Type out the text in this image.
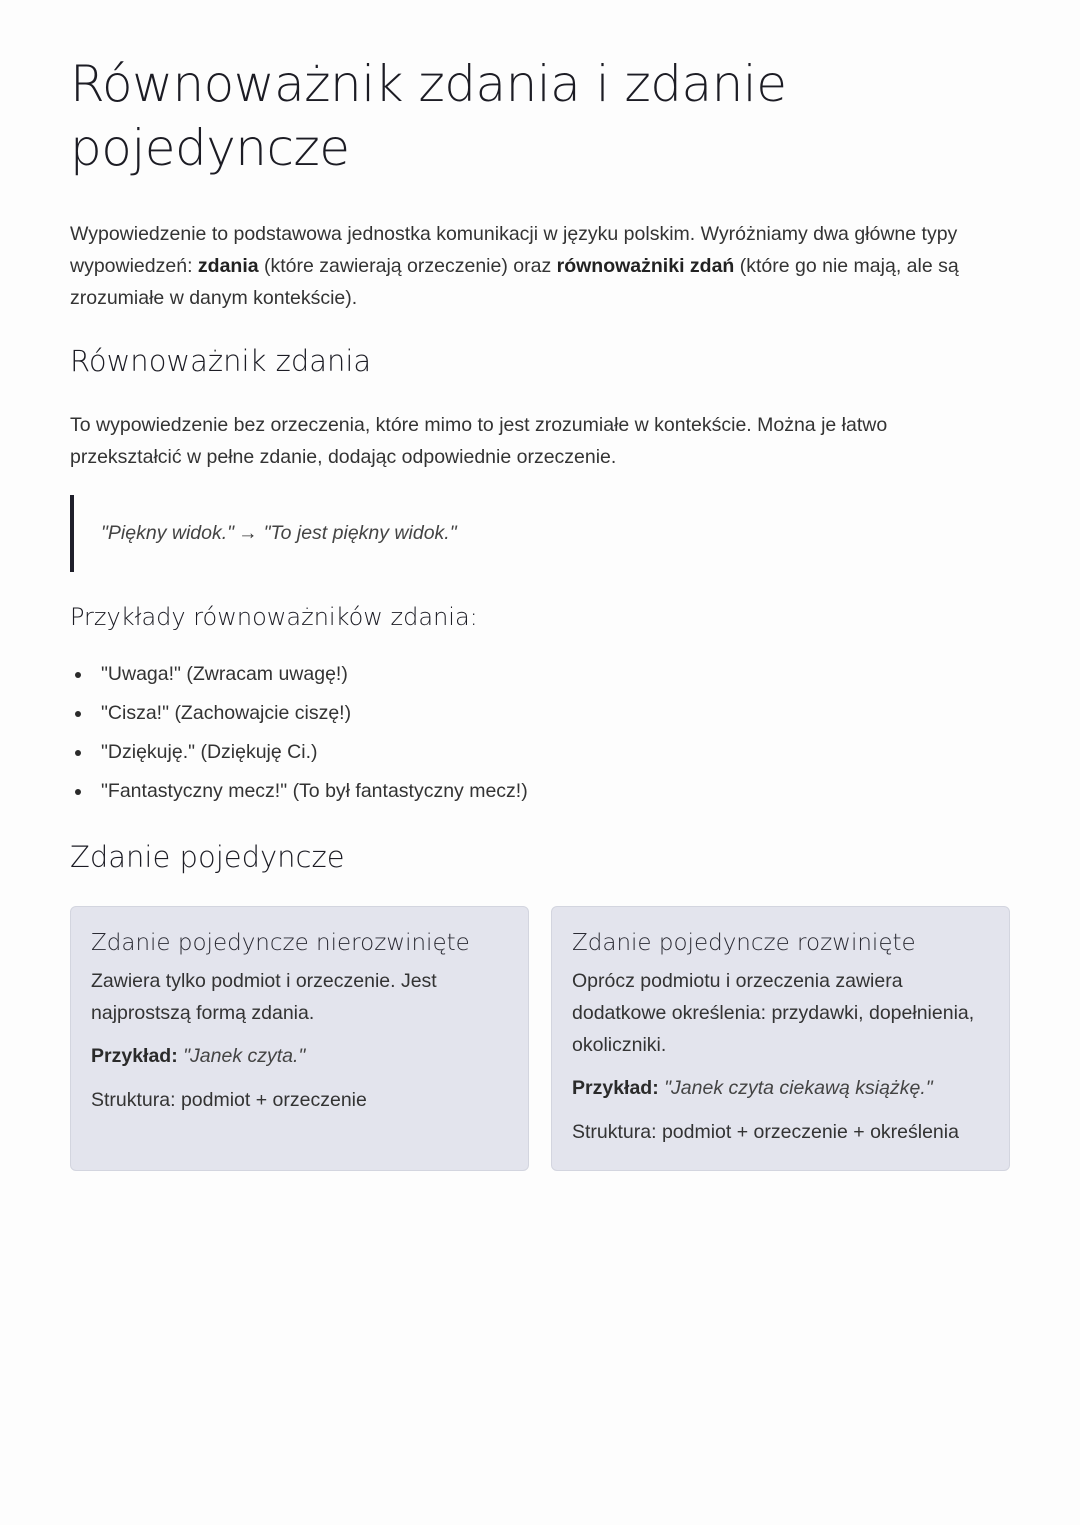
Równoważnik zdania i zdanie pojedyncze

Wypowiedzenie to podstawowa jednostka komunikacji w języku polskim. Wyróżniamy dwa główne typy wypowiedzeń: zdania (które zawierają orzeczenie) oraz równoważniki zdań (które go nie mają, ale są zrozumiałe w danym kontekście).

Równoważnik zdania

To wypowiedzenie bez orzeczenia, które mimo to jest zrozumiałe w kontekście. Można je łatwo przekształcić w pełne zdanie, dodając odpowiednie orzeczenie.

"Piękny widok." → "To jest piękny widok."
Przykłady równoważników zdania:
"Uwaga!" (Zwracam uwagę!)
"Cisza!" (Zachowajcie ciszę!)
"Dziękuję." (Dziękuję Ci.)
"Fantastyczny mecz!" (To był fantastyczny mecz!)
Zdanie pojedyncze
Zdanie pojedyncze nierozwinięte

Zawiera tylko podmiot i orzeczenie. Jest najprostszą formą zdania.

Przykład: "Janek czyta."

Struktura: podmiot + orzeczenie

Zdanie pojedyncze rozwinięte

Oprócz podmiotu i orzeczenia zawiera dodatkowe określenia: przydawki, dopełnienia, okoliczniki.

Przykład: "Janek czyta ciekawą książkę."

Struktura: podmiot + orzeczenie + określenia
